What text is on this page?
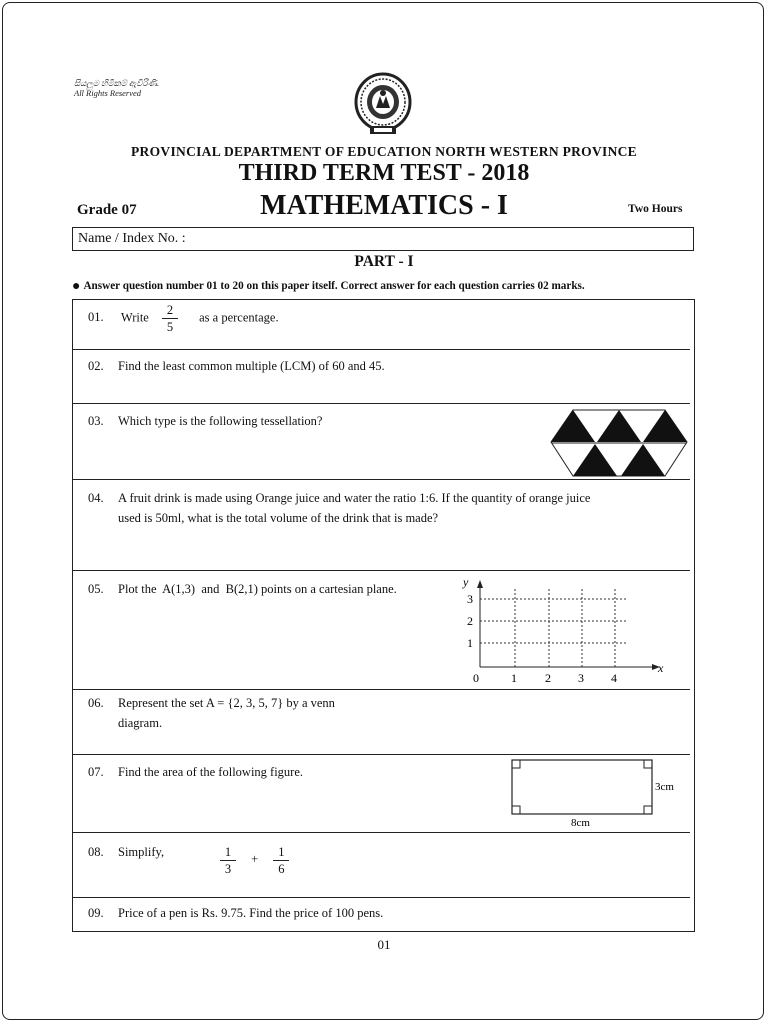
සියලුම හිමිකම් ඇවිරිණි.
All Rights Reserved
PROVINCIAL DEPARTMENT OF EDUCATION NORTH WESTERN PROVINCE
THIRD TERM TEST - 2018
MATHEMATICS - I
Grade 07	Two Hours
Name / Index No. :
PART - I
● Answer question number 01 to 20 on this paper itself. Correct answer for each question carries 02 marks.
01. Write $\frac{2}{5}$ as a percentage.
02. Find the least common multiple (LCM) of 60 and 45.
03. Which type is the following tessellation?
04. A fruit drink is made using Orange juice and water the ratio 1:6. If the quantity of orange juice
used is 50ml, what is the total volume of the drink that is made?
05. Plot the  A(1,3)  and  B(2,1) points on a cartesian plane.	y
x
0	1 2 3 4
1
2
3
06. Represent the set A = {2, 3, 5, 7} by a venn
diagram.
07. Find the area of the following figure.
3cm
8cm
08. Simplify,	$\frac{1}{3} + \frac{1}{6}$
09. Price of a pen is Rs. 9.75. Find the price of 100 pens.
01
